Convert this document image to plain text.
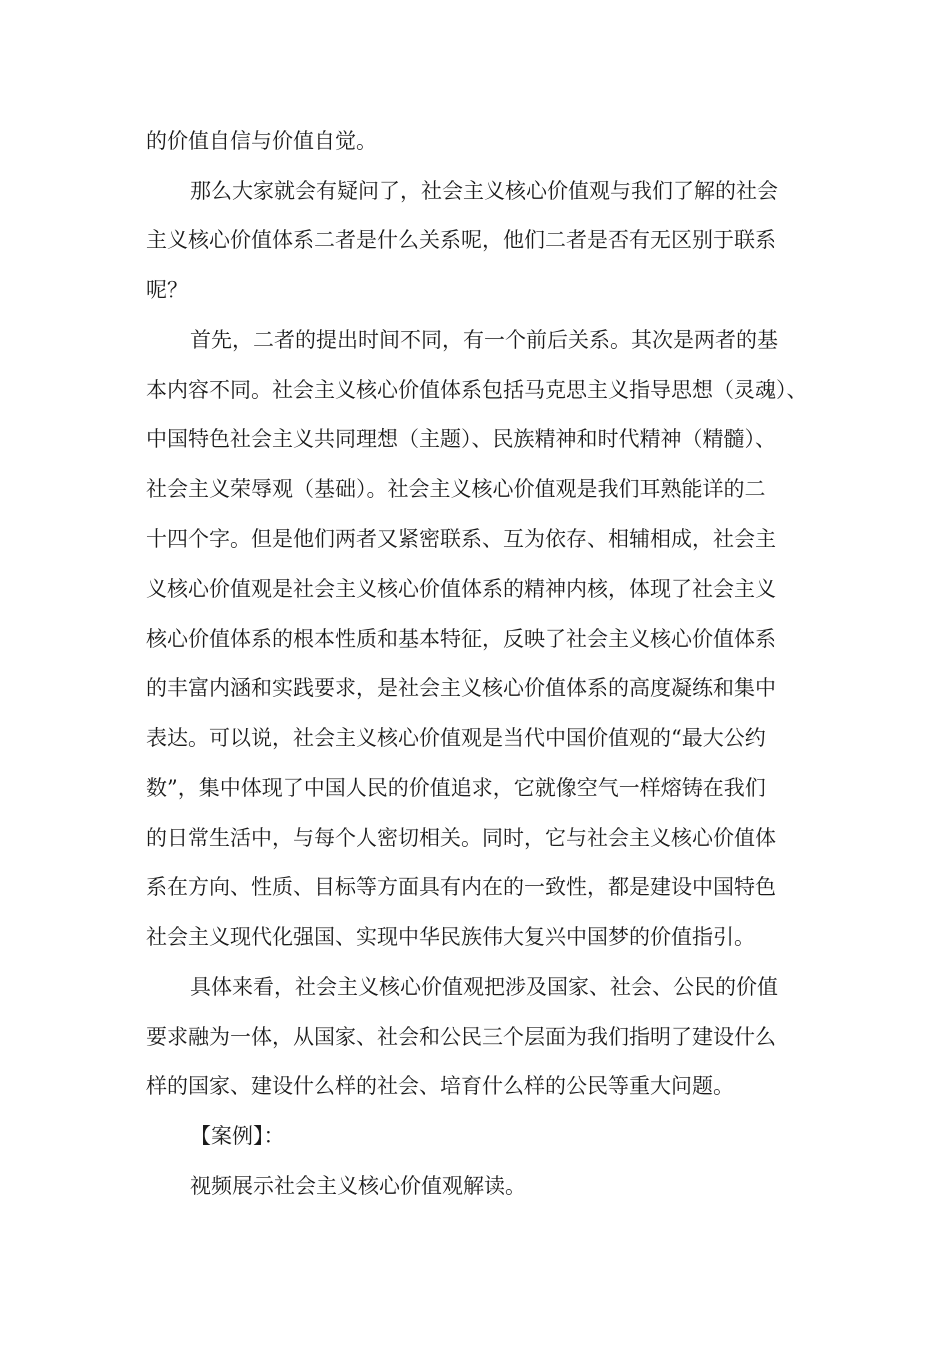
的价值自信与价值自觉。
那么大家就会有疑问了，社会主义核心价值观与我们了解的社会
主义核心价值体系二者是什么关系呢，他们二者是否有无区别于联系
呢？
首先，二者的提出时间不同，有一个前后关系。其次是两者的基
本内容不同。社会主义核心价值体系包括马克思主义指导思想（灵魂）、
中国特色社会主义共同理想（主题）、民族精神和时代精神（精髓）、
社会主义荣辱观（基础）。社会主义核心价值观是我们耳熟能详的二
十四个字。但是他们两者又紧密联系、互为依存、相辅相成，社会主
义核心价值观是社会主义核心价值体系的精神内核，体现了社会主义
核心价值体系的根本性质和基本特征，反映了社会主义核心价值体系
的丰富内涵和实践要求，是社会主义核心价值体系的高度凝练和集中
表达。可以说，社会主义核心价值观是当代中国价值观的“最大公约
数”，集中体现了中国人民的价值追求，它就像空气一样熔铸在我们
的日常生活中，与每个人密切相关。同时，它与社会主义核心价值体
系在方向、性质、目标等方面具有内在的一致性，都是建设中国特色
社会主义现代化强国、实现中华民族伟大复兴中国梦的价值指引。
具体来看，社会主义核心价值观把涉及国家、社会、公民的价值
要求融为一体，从国家、社会和公民三个层面为我们指明了建设什么
样的国家、建设什么样的社会、培育什么样的公民等重大问题。
【案例】：
视频展示社会主义核心价值观解读。
